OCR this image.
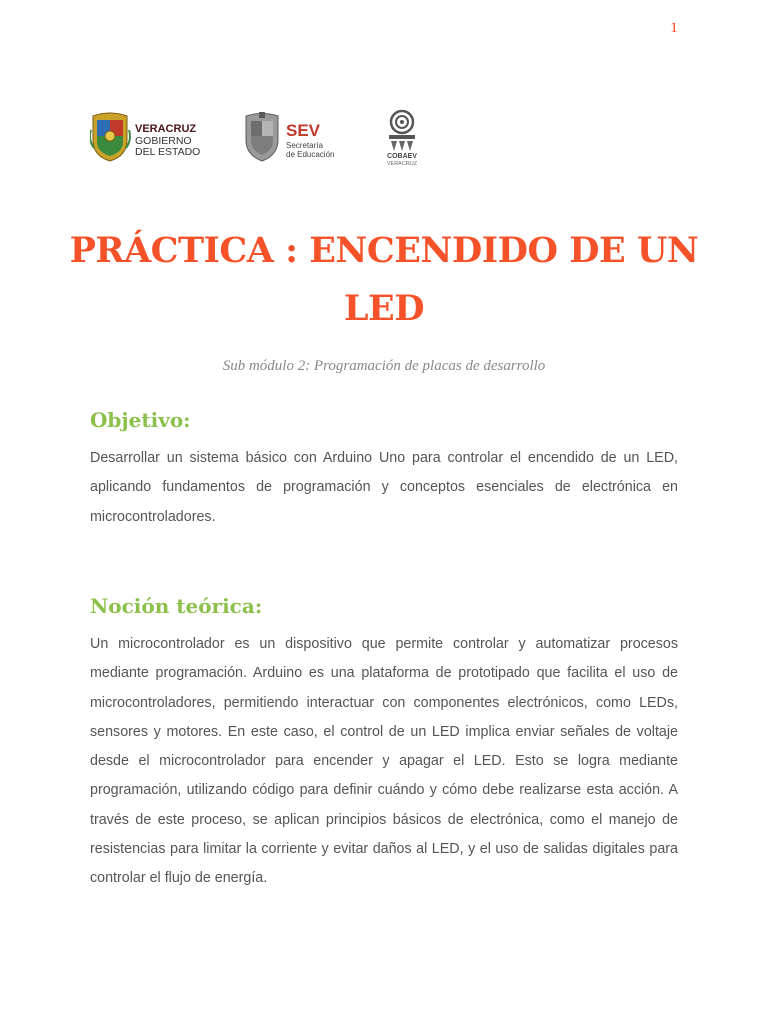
1
VERACRUZ
GOBIERNO
DEL ESTADO
SEV
Secretaría
de Educación	COBAEV
VERACRUZ
PRÁCTICA : ENCENDIDO DE UN LED
Sub módulo 2: Programación de placas de desarrollo
Objetivo:

Desarrollar un sistema básico con Arduino Uno para controlar el encendido de un LED, aplicando fundamentos de programación y conceptos esenciales de electrónica en microcontroladores.

Noción teórica:

Un microcontrolador es un dispositivo que permite controlar y automatizar procesos mediante programación. Arduino es una plataforma de prototipado que facilita el uso de microcontroladores, permitiendo interactuar con componentes electrónicos, como LEDs, sensores y motores. En este caso, el control de un LED implica enviar señales de voltaje desde el microcontrolador para encender y apagar el LED. Esto se logra mediante programación, utilizando código para definir cuándo y cómo debe realizarse esta acción. A través de este proceso, se aplican principios básicos de electrónica, como el manejo de resistencias para limitar la corriente y evitar daños al LED, y el uso de salidas digitales para controlar el flujo de energía.
